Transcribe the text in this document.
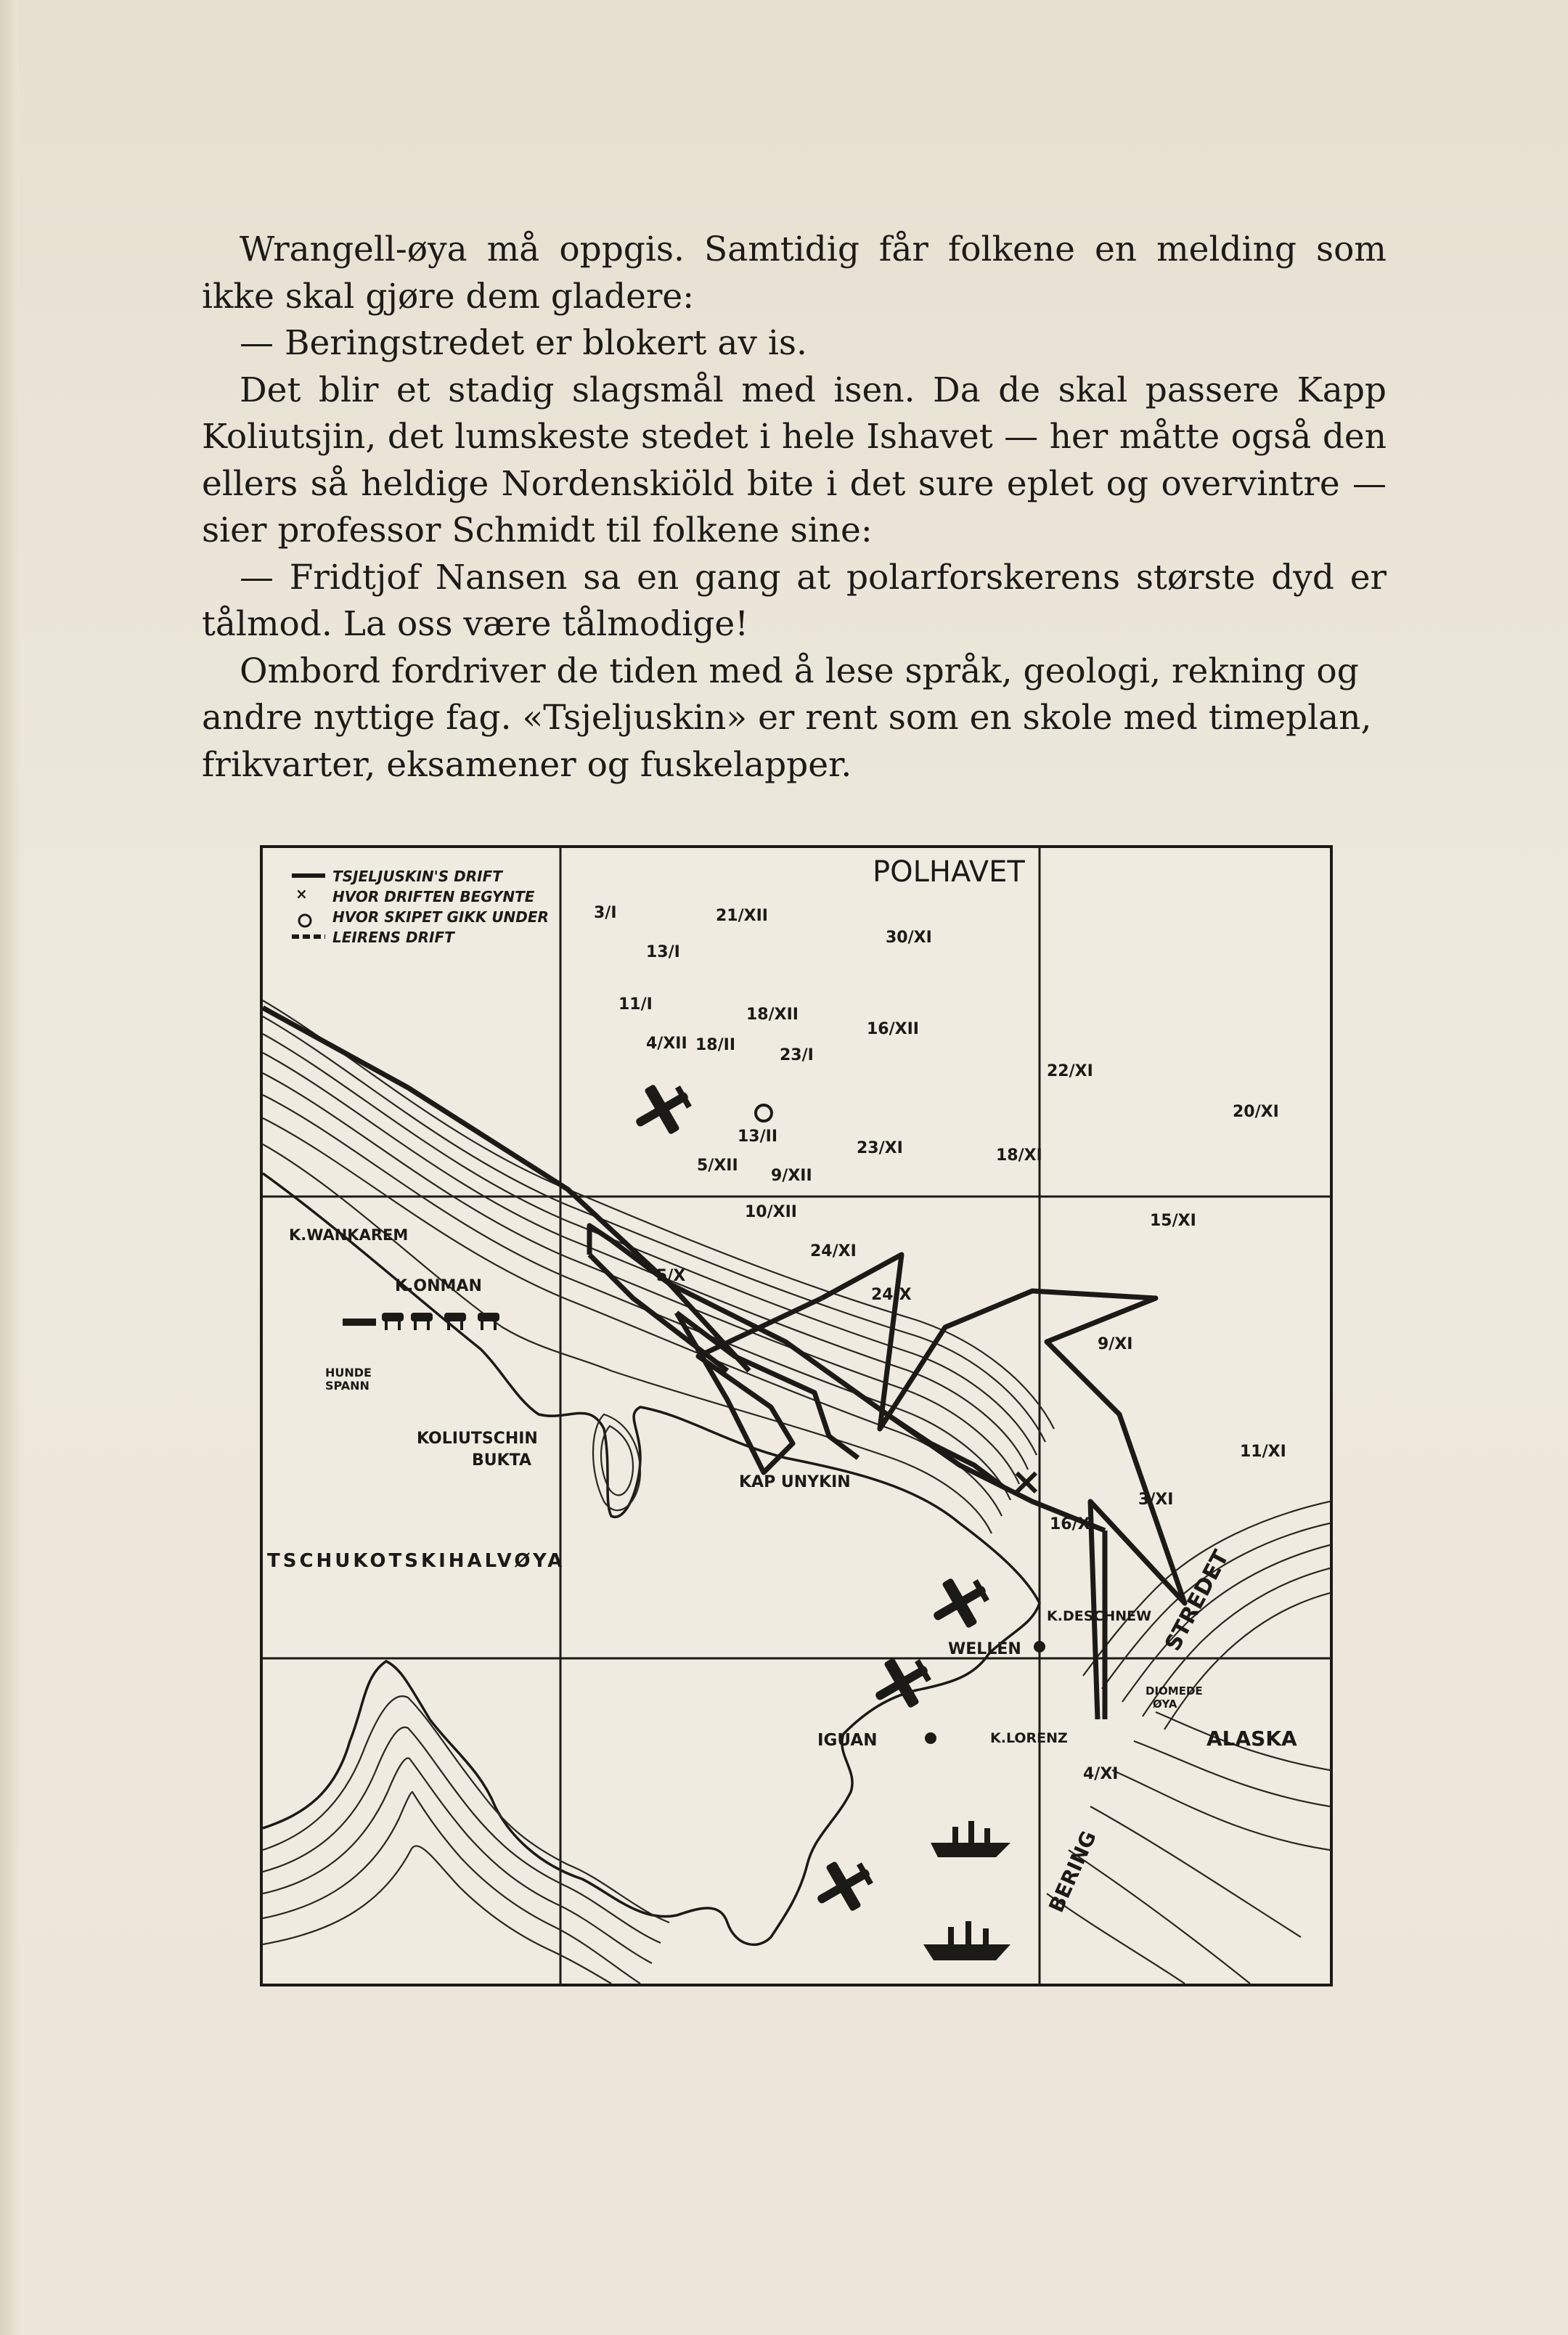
Wrangell-øya må oppgis. Samtidig får folkene en melding som ikke skal gjøre dem gladere:

— Beringstredet er blokert av is.

Det blir et stadig slagsmål med isen. Da de skal passere Kapp Koliutsjin, det lumskeste stedet i hele Ishavet — her måtte også den ellers så heldige Nordenskiöld bite i det sure eplet og overvintre — sier professor Schmidt til folkene sine:

— Fridtjof Nansen sa en gang at polarforskerens største dyd er tålmod. La oss være tålmodige!

Ombord fordriver de tiden med å lese språk, geologi, rekning og andre nyttige fag. «Tsjeljuskin» er rent som en skole med timeplan, frikvarter, eksamener og fuskelapper.

×
×
TSJELJUSKIN'S DRIFT
HVOR DRIFTEN BEGYNTE
HVOR SKIPET GIKK UNDER
LEIRENS DRIFT
POLHAVET
K.WANKAREM
K.ONMAN
HUNDE
SPANN
KOLIUTSCHIN
BUKTA
TSCHUKOTSKIHALVØYA
KAP UNYKIN
K.DESCHNEW
WELLEN
IGUAN	K.LORENZ
DIOMEDE
ØYA
ALASKA
STREDET
BERING
3/I	21/XII
13/I
30/XI
11/I
18/XII
16/XII
4/XII 18/II
23/I
22/XI
20/XI
13/II
23/XI	18/XI
5/XII
9/XII
10/XII	15/XI
24/XI
5/X
24/X
9/XI
11/XI
3/XI
16/X
4/XI
